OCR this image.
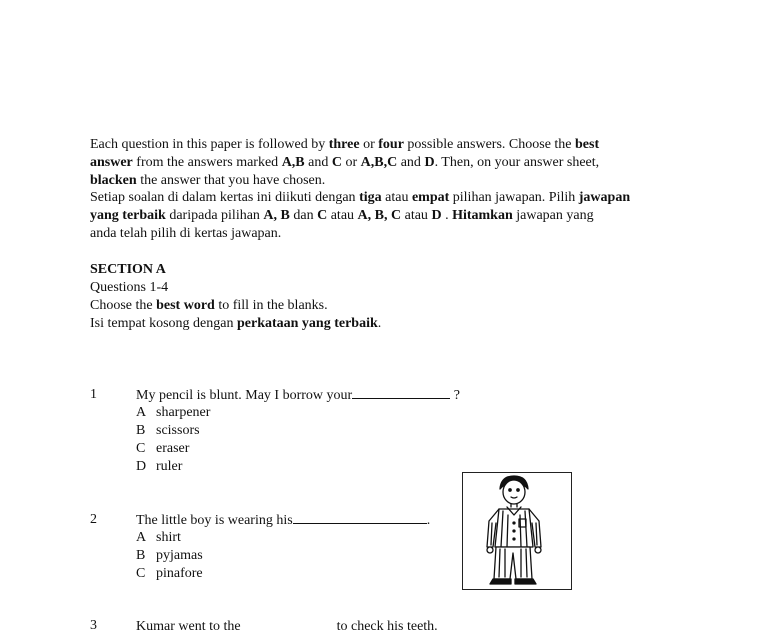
Each question in this paper is followed by three or four possible answers. Choose the best
answer from the answers marked A,B and C or A,B,C and D. Then, on your answer sheet,
blacken the answer that you have chosen.
Setiap soalan di dalam kertas ini diikuti dengan tiga atau empat pilihan jawapan. Pilih jawapan
yang terbaik daripada pilihan A, B dan C atau A, B, C atau D . Hitamkan jawapan yang
anda telah pilih di kertas jawapan.
SECTION A
Questions 1-4
Choose the best word to fill in the blanks.
Isi tempat kosong dengan perkataan yang terbaik.
1	My pencil is blunt. May I borrow your	?
A sharpener
B scissors
C eraser
D ruler
2	The little boy is wearing his	.
A shirt
B pyjamas
C pinafore
3	Kumar went to the	to check his teeth.
